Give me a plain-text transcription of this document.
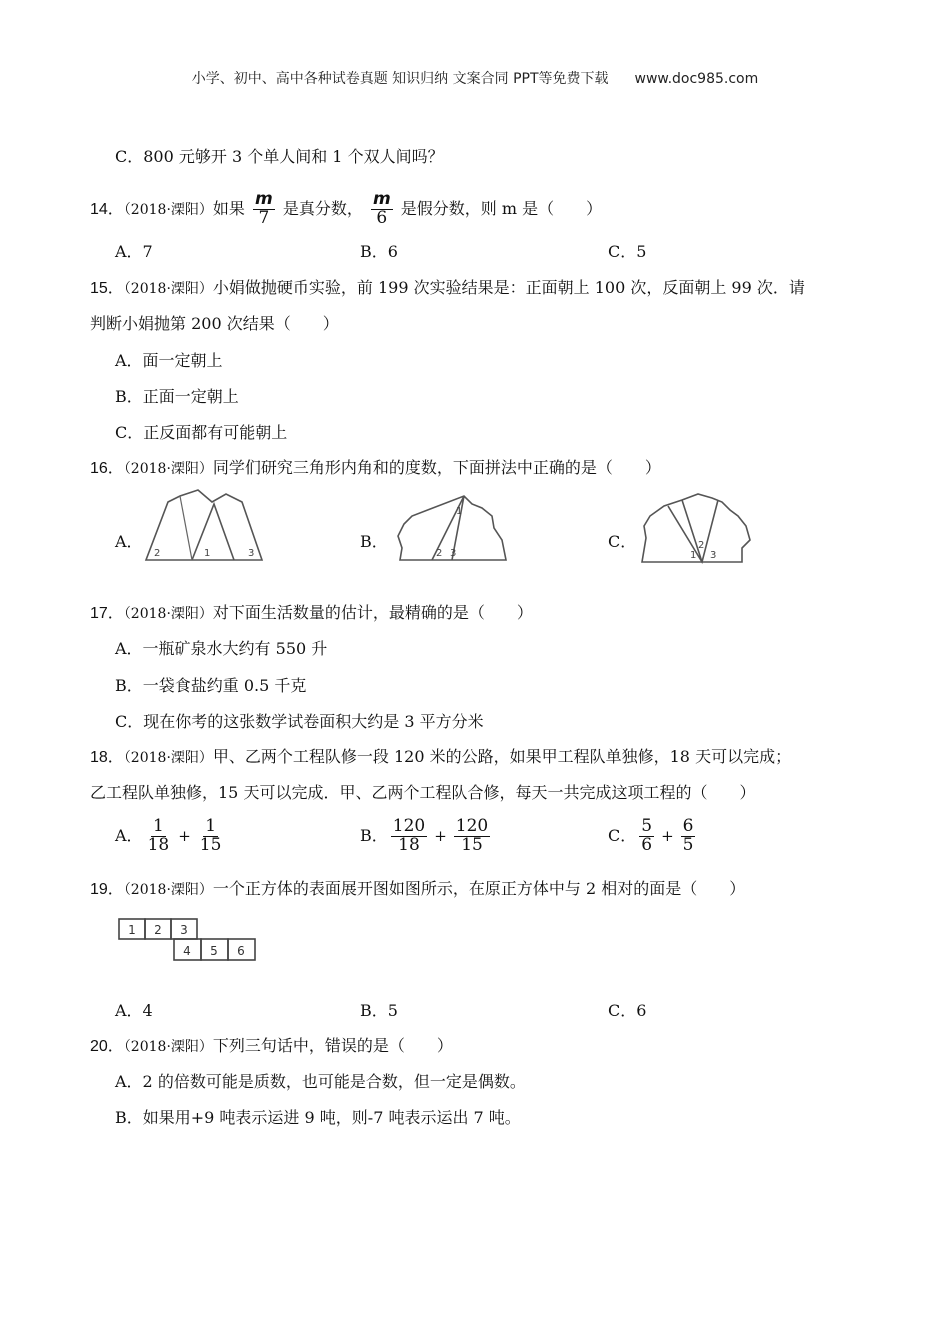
小学、初中、高中各种试卷真题 知识归纳 文案合同 PPT等免费下载 www.doc985.com
C．800 元够开 3 个单人间和 1 个双人间吗？
14．（2018·溧阳）如果 $\frac{m}{7}$ 是真分数， $\frac{m}{6}$ 是假分数，则 m 是（　　）
A．7	B．6	C．5
15．（2018·溧阳）小娟做抛硬币实验，前 199 次实验结果是：正面朝上 100 次，反面朝上 99 次．请
判断小娟抛第 200 次结果（　　）
A．面一定朝上
B．正面一定朝上
C．正反面都有可能朝上
16．（2018·溧阳）同学们研究三角形内角和的度数，下面拼法中正确的是（　　）
A．	B．	C．
2	1	3
1
2 3	1
2
3
17．（2018·溧阳）对下面生活数量的估计，最精确的是（　　）
A．一瓶矿泉水大约有 550 升
B．一袋食盐约重 0.5 千克
C．现在你考的这张数学试卷面积大约是 3 平方分米
18．（2018·溧阳）甲、乙两个工程队修一段 120 米的公路，如果甲工程队单独修，18 天可以完成；
乙工程队单独修，15 天可以完成．甲、乙两个工程队合修，每天一共完成这项工程的（　　）
A． $\frac{1}{18} + \frac{1}{15}$	B． $\frac{120}{18} + \frac{120}{15}$	C． $\frac{5}{6} + \frac{6}{5}$
19．（2018·溧阳）一个正方体的表面展开图如图所示，在原正方体中与 2 相对的面是（　　）
1 2 3
4 5 6
A．4	B．5	C．6
20．（2018·溧阳）下列三句话中，错误的是（　　）
A．2 的倍数可能是质数，也可能是合数，但一定是偶数。
B．如果用+9 吨表示运进 9 吨，则-7 吨表示运出 7 吨。
